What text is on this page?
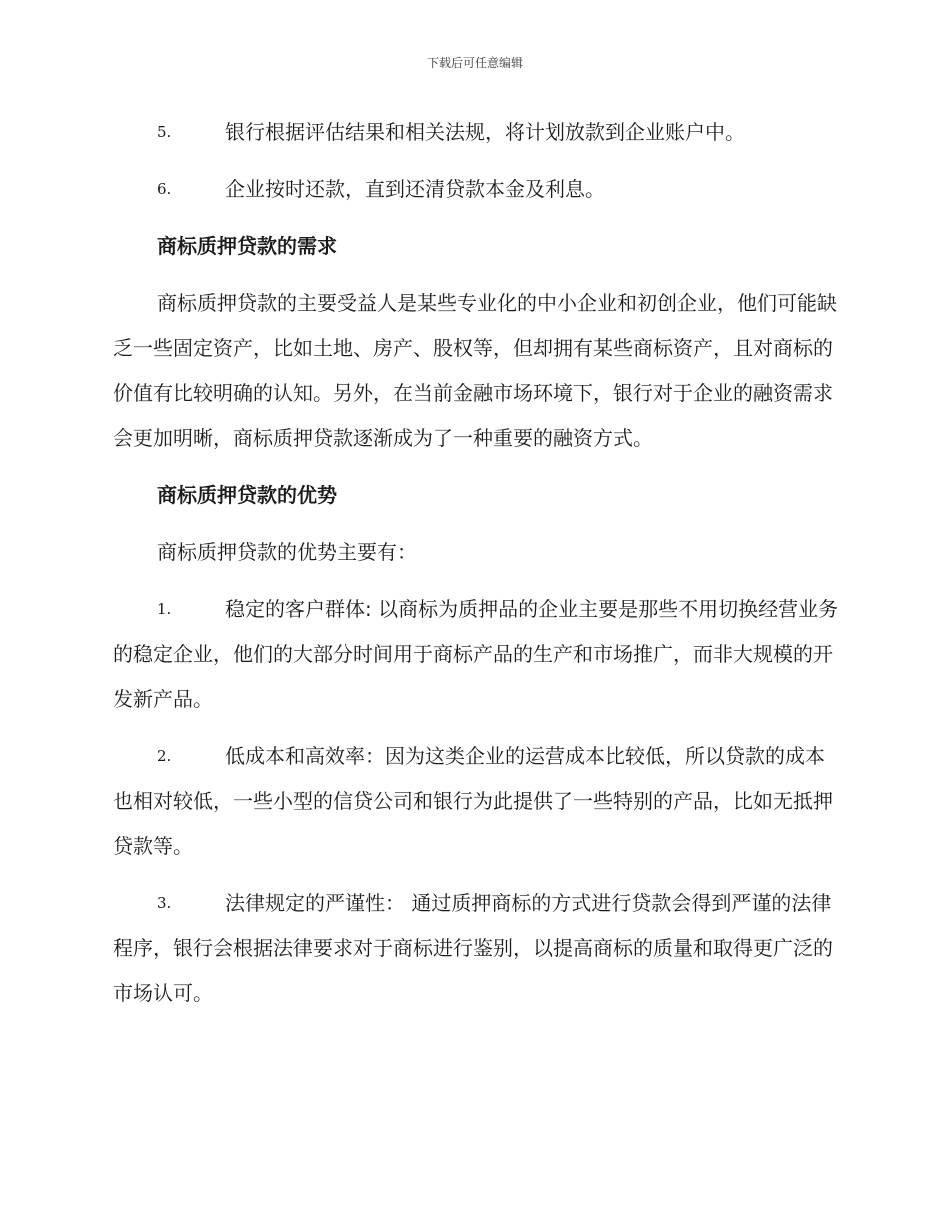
下载后可任意编辑
5.	银行根据评估结果和相关法规，将计划放款到企业账户中。
6.	企业按时还款，直到还清贷款本金及利息。
商标质押贷款的需求
商标质押贷款的主要受益人是某些专业化的中小企业和初创企业，他们可能缺乏一些固定资产，比如土地、房产、股权等，但却拥有某些商标资产，且对商标的价值有比较明确的认知。另外，在当前金融市场环境下，银行对于企业的融资需求会更加明晰，商标质押贷款逐渐成为了一种重要的融资方式。
商标质押贷款的优势
商标质押贷款的优势主要有：
1.	稳定的客户群体: 以商标为质押品的企业主要是那些不用切换经营业务的稳定企业，他们的大部分时间用于商标产品的生产和市场推广，而非大规模的开发新产品。
2.	低成本和高效率：因为这类企业的运营成本比较低，所以贷款的成本也相对较低，一些小型的信贷公司和银行为此提供了一些特别的产品，比如无抵押贷款等。
3.	法律规定的严谨性： 通过质押商标的方式进行贷款会得到严谨的法律程序，银行会根据法律要求对于商标进行鉴别，以提高商标的质量和取得更广泛的市场认可。
